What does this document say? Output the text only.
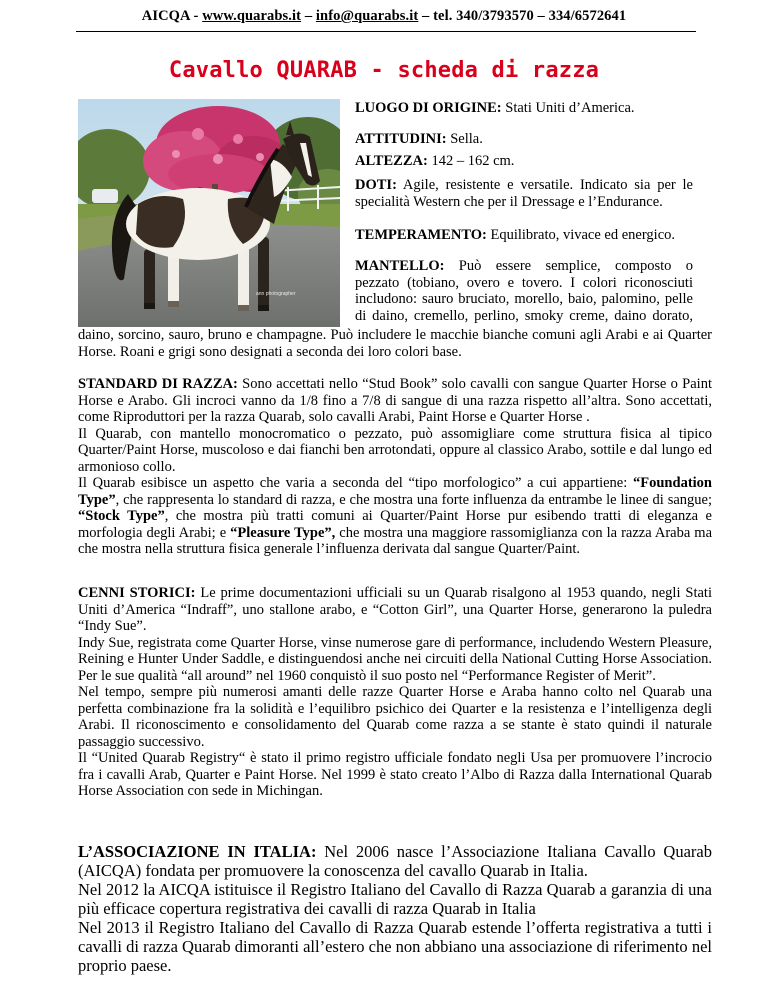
AICQA - www.quarabs.it – info@quarabs.it – tel. 340/3793570 – 334/6572641
Cavallo QUARAB - scheda di razza
ann photographer

LUOGO DI ORIGINE: Stati Uniti d’America.

ATTITUDINI: Sella.

ALTEZZA: 142 – 162 cm.

DOTI: Agile, resistente e versatile. Indicato sia per le specialità Western che per il Dressage e l’Endurance.

TEMPERAMENTO: Equilibrato, vivace ed energico.

MANTELLO: Può essere semplice, composto o
pezzato (tobiano, overo e tovero. I colori riconosciuti
includono: sauro bruciato, morello, baio, palomino, pelle
di daino, cremello, perlino, smoky creme, daino dorato,

daino, sorcino, sauro, bruno e champagne. Può includere le macchie bianche comuni agli Arabi e ai Quarter Horse. Roani e grigi sono designati a seconda dei loro colori base.

STANDARD DI RAZZA: Sono accettati nello “Stud Book” solo cavalli con sangue Quarter Horse o Paint Horse e Arabo. Gli incroci vanno da 1/8 fino a 7/8 di sangue di una razza rispetto all’altra. Sono accettati, come Riproduttori per la razza Quarab, solo cavalli Arabi, Paint Horse e Quarter Horse .
Il Quarab, con mantello monocromatico o pezzato, può assomigliare come struttura fisica al tipico Quarter/Paint Horse, muscoloso e dai fianchi ben arrotondati, oppure al classico Arabo, sottile e dal lungo ed armonioso collo.
Il Quarab esibisce un aspetto che varia a seconda del “tipo morfologico” a cui appartiene: “Foundation Type”, che rappresenta lo standard di razza, e che mostra una forte influenza da entrambe le linee di sangue; “Stock Type”, che mostra più tratti comuni ai Quarter/Paint Horse pur esibendo tratti di eleganza e morfologia degli Arabi; e “Pleasure Type”, che mostra una maggiore rassomiglianza con la razza Araba ma che mostra nella struttura fisica generale l’influenza derivata dal sangue Quarter/Paint.
CENNI STORICI: Le prime documentazioni ufficiali su un Quarab risalgono al 1953 quando, negli Stati Uniti d’America “Indraff”, uno stallone arabo, e “Cotton Girl”, una Quarter Horse, generarono la puledra “Indy Sue”.
Indy Sue, registrata come Quarter Horse, vinse numerose gare di performance, includendo Western Pleasure, Reining e Hunter Under Saddle, e distinguendosi anche nei circuiti della National Cutting Horse Association. Per le sue qualità “all around” nel 1960 conquistò il suo posto nel “Performance Register of Merit”.
Nel tempo, sempre più numerosi amanti delle razze Quarter Horse e Araba hanno colto nel Quarab una perfetta combinazione fra la solidità e l’equilibro psichico dei Quarter e la resistenza e l’intelligenza degli Arabi. Il riconoscimento e consolidamento del Quarab come razza a se stante è stato quindi il naturale passaggio successivo.
Il “United Quarab Registry“ è stato il primo registro ufficiale fondato negli Usa per promuovere l’incrocio fra i cavalli Arab, Quarter e Paint Horse. Nel 1999 è stato creato l’Albo di Razza dalla International Quarab Horse Association con sede in Michingan.
L’ASSOCIAZIONE IN ITALIA: Nel 2006 nasce l’Associazione Italiana Cavallo Quarab (AICQA) fondata per promuovere la conoscenza del cavallo Quarab in Italia.
Nel 2012 la AICQA istituisce il Registro Italiano del Cavallo di Razza Quarab a garanzia di una più efficace copertura registrativa dei cavalli di razza Quarab in Italia
Nel 2013 il Registro Italiano del Cavallo di Razza Quarab estende l’offerta registrativa a tutti i cavalli di razza Quarab dimoranti all’estero che non abbiano una associazione di riferimento nel proprio paese.
